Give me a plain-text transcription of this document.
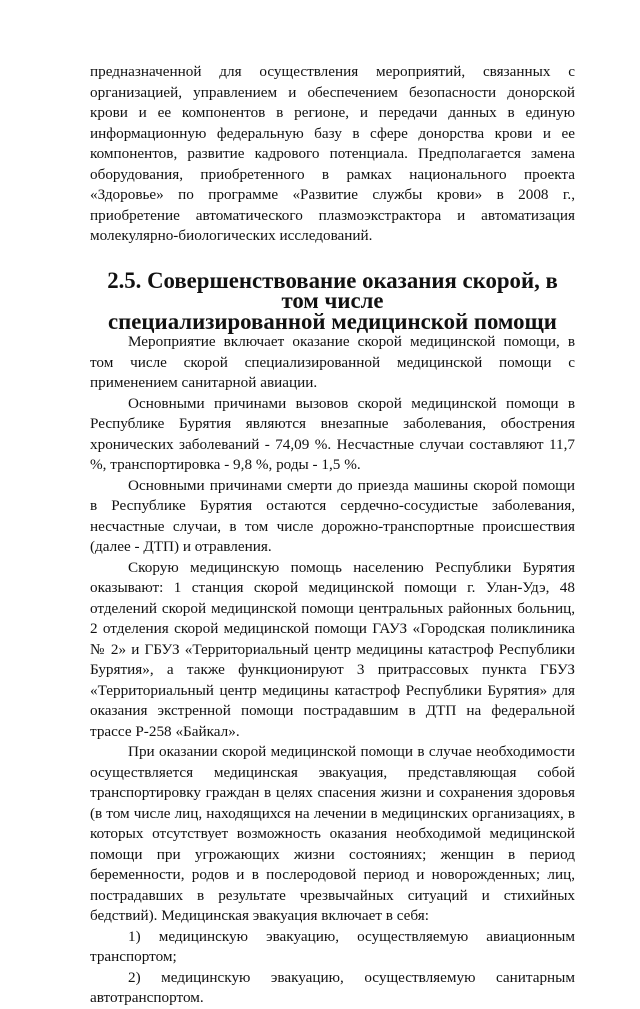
предназначенной для осуществления мероприятий, связанных с организацией, управлением и обеспечением безопасности донорской крови и ее компонентов в регионе, и передачи данных в единую информационную федеральную базу в сфере донорства крови и ее компонентов, развитие кадрового потенциала. Предполагается замена оборудования, приобретенного в рамках национального проекта «Здоровье» по программе «Развитие службы крови» в 2008 г., приобретение автоматического плазмоэкстрактора и автоматизация молекулярно-биологических исследований.

2.5. Совершенствование оказания скорой, в том числе
специализированной медицинской помощи

Мероприятие включает оказание скорой медицинской помощи, в том числе скорой специализированной медицинской помощи с применением санитарной авиации.

Основными причинами вызовов скорой медицинской помощи в Республике Бурятия являются внезапные заболевания, обострения хронических заболеваний - 74,09 %. Несчастные случаи составляют 11,7 %, транспортировка - 9,8 %, роды - 1,5 %.

Основными причинами смерти до приезда машины скорой помощи в Республике Бурятия остаются сердечно-сосудистые заболевания, несчастные случаи, в том числе дорожно-транспортные происшествия (далее - ДТП) и отравления.

Скорую медицинскую помощь населению Республики Бурятия оказывают: 1 станция скорой медицинской помощи г. Улан-Удэ, 48 отделений скорой медицинской помощи центральных районных больниц, 2 отделения скорой медицинской помощи ГАУЗ «Городская поликлиника № 2» и ГБУЗ «Территориальный центр медицины катастроф Республики Бурятия», а также функционируют 3 притрассовых пункта ГБУЗ «Территориальный центр медицины катастроф Республики Бурятия» для оказания экстренной помощи пострадавшим в ДТП на федеральной трассе Р-258 «Байкал».

При оказании скорой медицинской помощи в случае необходимости осуществляется медицинская эвакуация, представляющая собой транспортировку граждан в целях спасения жизни и сохранения здоровья (в том числе лиц, находящихся на лечении в медицинских организациях, в которых отсутствует возможность оказания необходимой медицинской помощи при угрожающих жизни состояниях; женщин в период беременности, родов и в послеродовой период и новорожденных; лиц, пострадавших в результате чрезвычайных ситуаций и стихийных бедствий). Медицинская эвакуация включает в себя:

1) медицинскую эвакуацию, осуществляемую авиационным транспортом;

2) медицинскую эвакуацию, осуществляемую санитарным автотранспортом.
